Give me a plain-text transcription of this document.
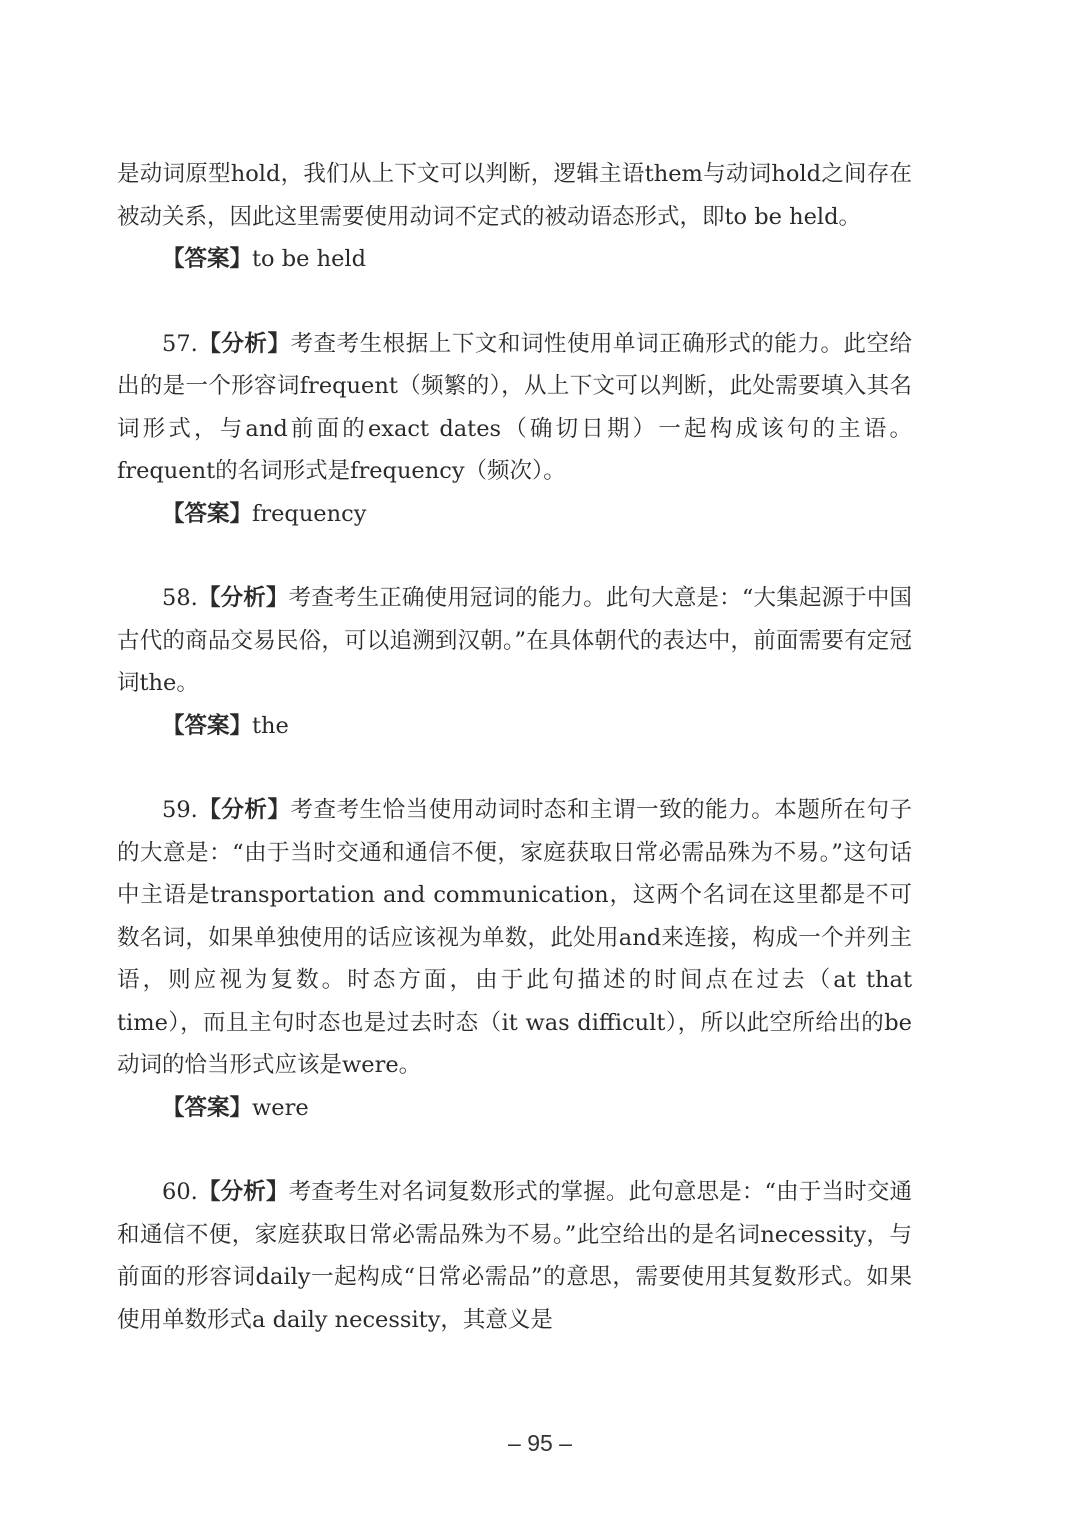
是动词原型hold，我们从上下文可以判断，逻辑主语them与动词hold之间存在被动关系，因此这里需要使用动词不定式的被动语态形式，即to be held。

【答案】to be held

57.【分析】考查考生根据上下文和词性使用单词正确形式的能力。此空给出的是一个形容词frequent（频繁的），从上下文可以判断，此处需要填入其名词形式，与and前面的exact dates（确切日期）一起构成该句的主语。frequent的名词形式是frequency（频次）。

【答案】frequency

58.【分析】考查考生正确使用冠词的能力。此句大意是：“大集起源于中国古代的商品交易民俗，可以追溯到汉朝。”在具体朝代的表达中，前面需要有定冠词the。

【答案】the

59.【分析】考查考生恰当使用动词时态和主谓一致的能力。本题所在句子的大意是：“由于当时交通和通信不便，家庭获取日常必需品殊为不易。”这句话中主语是transportation and communication，这两个名词在这里都是不可数名词，如果单独使用的话应该视为单数，此处用and来连接，构成一个并列主语，则应视为复数。时态方面，由于此句描述的时间点在过去（at that time），而且主句时态也是过去时态（it was difficult），所以此空所给出的be动词的恰当形式应该是were。

【答案】were

60.【分析】考查考生对名词复数形式的掌握。此句意思是：“由于当时交通和通信不便，家庭获取日常必需品殊为不易。”此空给出的是名词necessity，与前面的形容词daily一起构成“日常必需品”的意思，需要使用其复数形式。如果使用单数形式a daily necessity，其意义是

– 95 –
